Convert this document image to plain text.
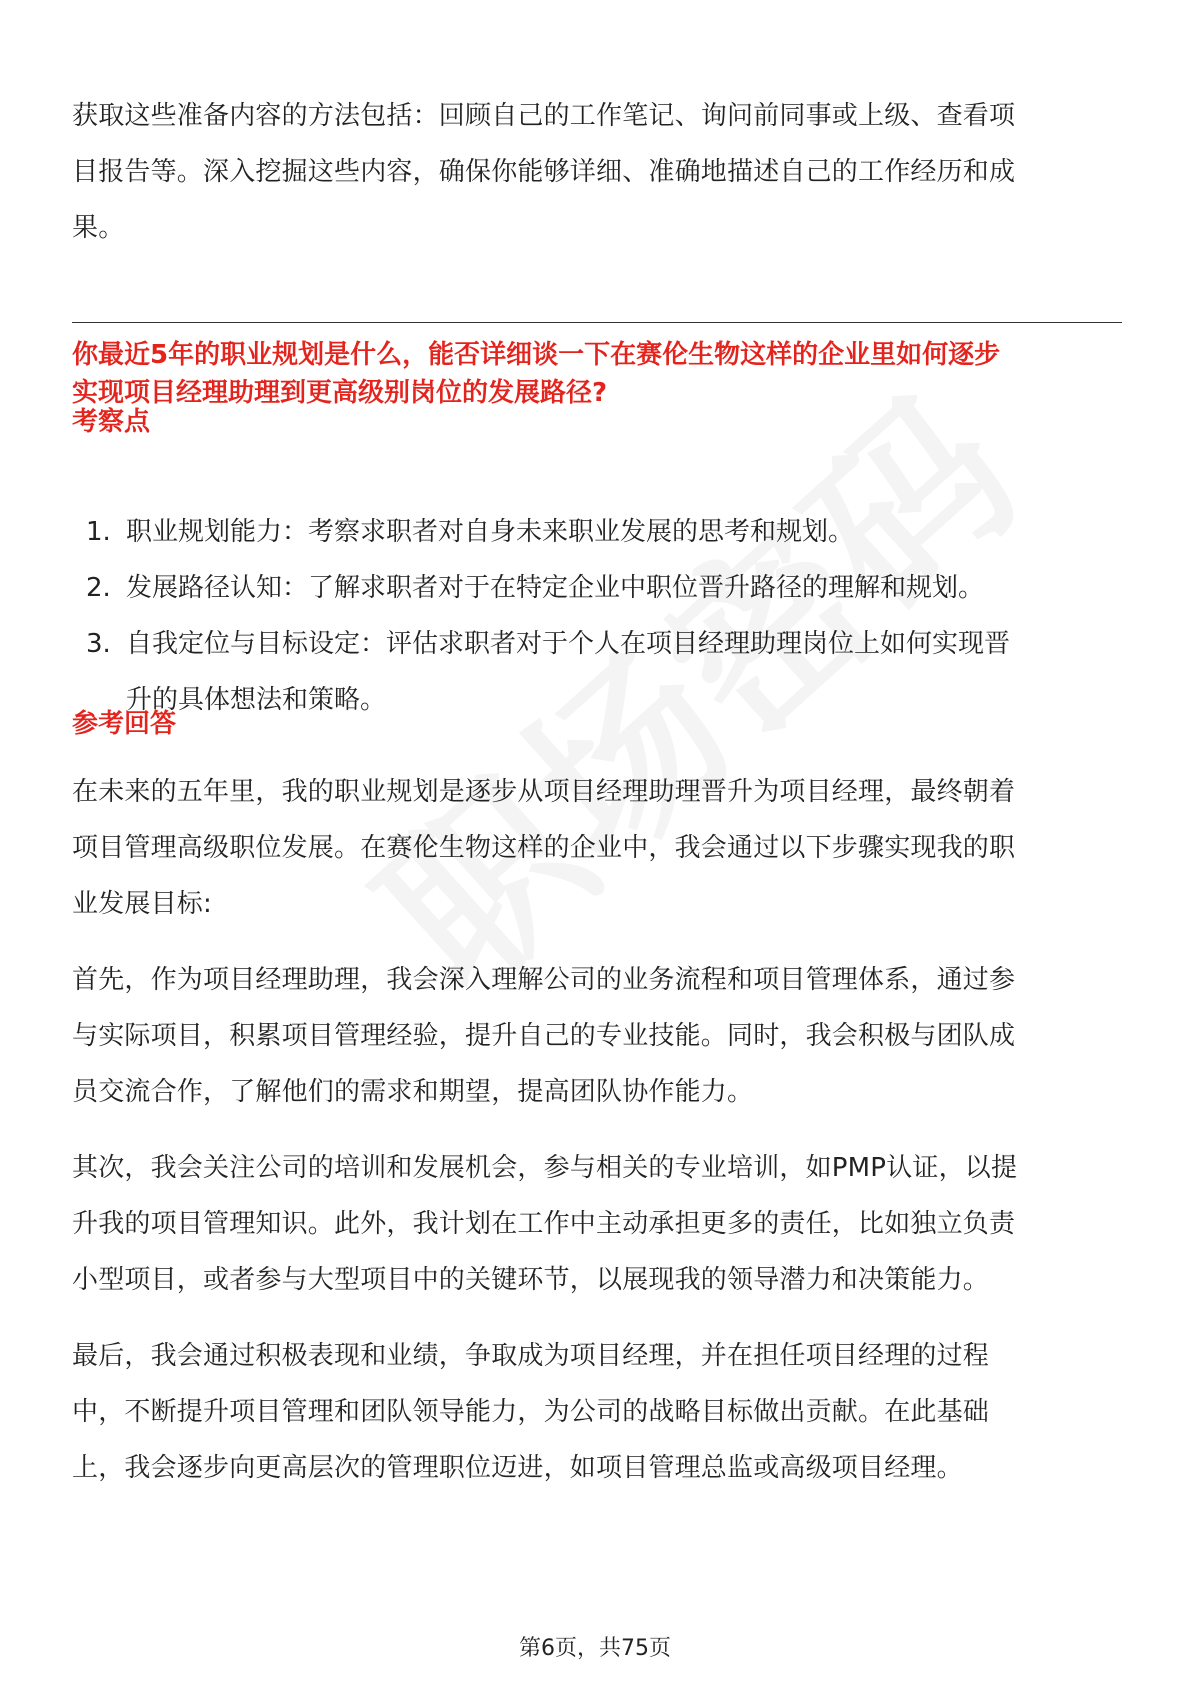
获取这些准备内容的方法包括：回顾自己的工作笔记、询问前同事或上级、查看项
目报告等。深入挖掘这些内容，确保你能够详细、准确地描述自己的工作经历和成
果。
你最近5年的职业规划是什么，能否详细谈一下在赛伦生物这样的企业里如何逐步
实现项目经理助理到更高级别岗位的发展路径?
考察点
1. 职业规划能力：考察求职者对自身未来职业发展的思考和规划。
2. 发展路径认知：了解求职者对于在特定企业中职位晋升路径的理解和规划。
3. 自我定位与目标设定：评估求职者对于个人在项目经理助理岗位上如何实现晋
升的具体想法和策略。
参考回答
在未来的五年里，我的职业规划是逐步从项目经理助理晋升为项目经理，最终朝着
项目管理高级职位发展。在赛伦生物这样的企业中，我会通过以下步骤实现我的职
业发展目标:
首先，作为项目经理助理，我会深入理解公司的业务流程和项目管理体系，通过参
与实际项目，积累项目管理经验，提升自己的专业技能。同时，我会积极与团队成
员交流合作，了解他们的需求和期望，提高团队协作能力。
其次，我会关注公司的培训和发展机会，参与相关的专业培训，如PMP认证，以提
升我的项目管理知识。此外，我计划在工作中主动承担更多的责任，比如独立负责
小型项目，或者参与大型项目中的关键环节，以展现我的领导潜力和决策能力。
最后，我会通过积极表现和业绩，争取成为项目经理，并在担任项目经理的过程
中，不断提升项目管理和团队领导能力，为公司的战略目标做出贡献。在此基础
上，我会逐步向更高层次的管理职位迈进，如项目管理总监或高级项目经理。
第6页，共75页
